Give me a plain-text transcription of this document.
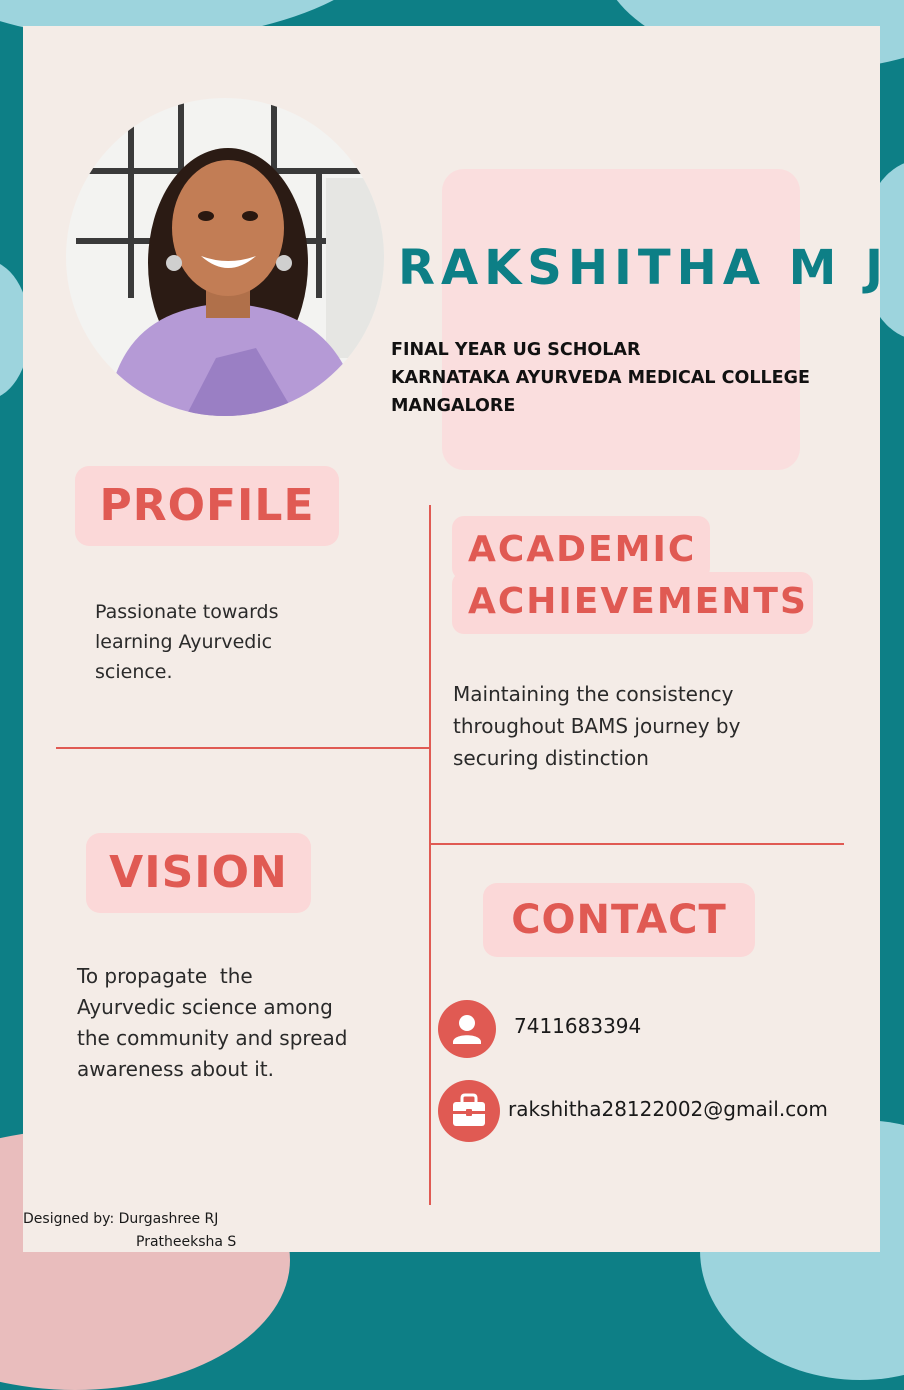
RAKSHITHA M J
FINAL YEAR UG SCHOLAR
KARNATAKA AYURVEDA MEDICAL COLLEGE
MANGALORE
PROFILE
Passionate towards
learning Ayurvedic
science.
ACADEMIC
ACHIEVEMENTS
Maintaining the consistency
throughout BAMS journey by
securing distinction
VISION
To propagate  the
Ayurvedic science among
the community and spread
awareness about it.
CONTACT
7411683394
rakshitha28122002@gmail.com
Designed by: Durgashree RJ
Pratheeksha S
